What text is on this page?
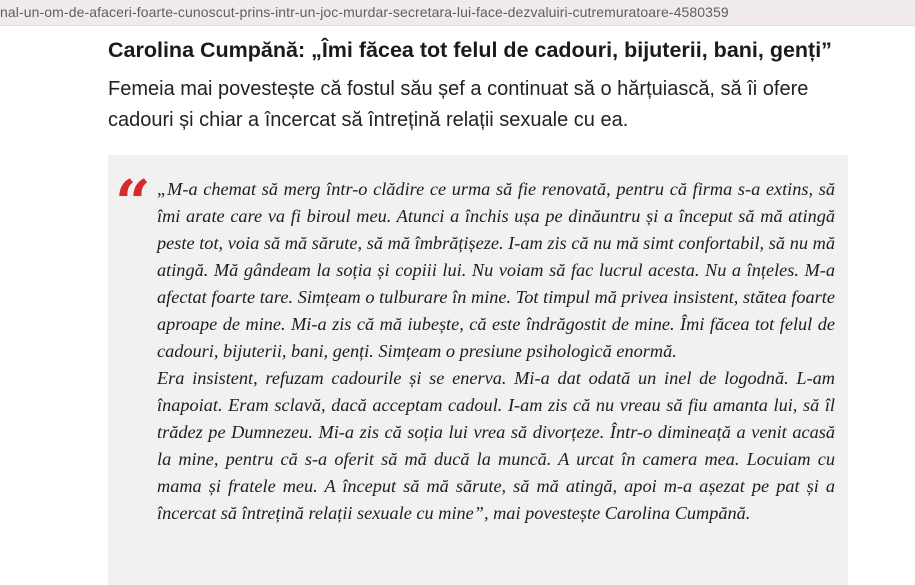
nal-un-om-de-afaceri-foarte-cunoscut-prins-intr-un-joc-murdar-secretara-lui-face-dezvaluiri-cutremuratoare-4580359
Carolina Cumpănă: „Îmi făcea tot felul de cadouri, bijuterii, bani, genți”

Femeia mai povestește că fostul său șef a continuat să o hărțuiască, să îi ofere cadouri și chiar a încercat să întrețină relații sexuale cu ea.

“ „M-a chemat să merg într-o clădire ce urma să fie renovată, pentru că firma s-a extins, să îmi arate care va fi biroul meu. Atunci a închis ușa pe dinăuntru și a început să mă atingă peste tot, voia să mă sărute, să mă îmbrățișeze. I-am zis că nu mă simt confortabil, să nu mă atingă. Mă gândeam la soția și copiii lui. Nu voiam să fac lucrul acesta. Nu a înțeles. M-a afectat foarte tare. Simțeam o tulburare în mine. Tot timpul mă privea insistent, stătea foarte aproape de mine. Mi-a zis că mă iubește, că este îndrăgostit de mine. Îmi făcea tot felul de cadouri, bijuterii, bani, genți. Simțeam o presiune psihologică enormă.

Era insistent, refuzam cadourile și se enerva. Mi-a dat odată un inel de logodnă. L-am înapoiat. Eram sclavă, dacă acceptam cadoul. I-am zis că nu vreau să fiu amanta lui, să îl trădez pe Dumnezeu. Mi-a zis că soția lui vrea să divorțeze. Într-o dimineață a venit acasă la mine, pentru că s-a oferit să mă ducă la muncă. A urcat în camera mea. Locuiam cu mama și fratele meu. A început să mă sărute, să mă atingă, apoi m-a așezat pe pat și a încercat să întrețină relații sexuale cu mine”, mai povestește Carolina Cumpănă.
